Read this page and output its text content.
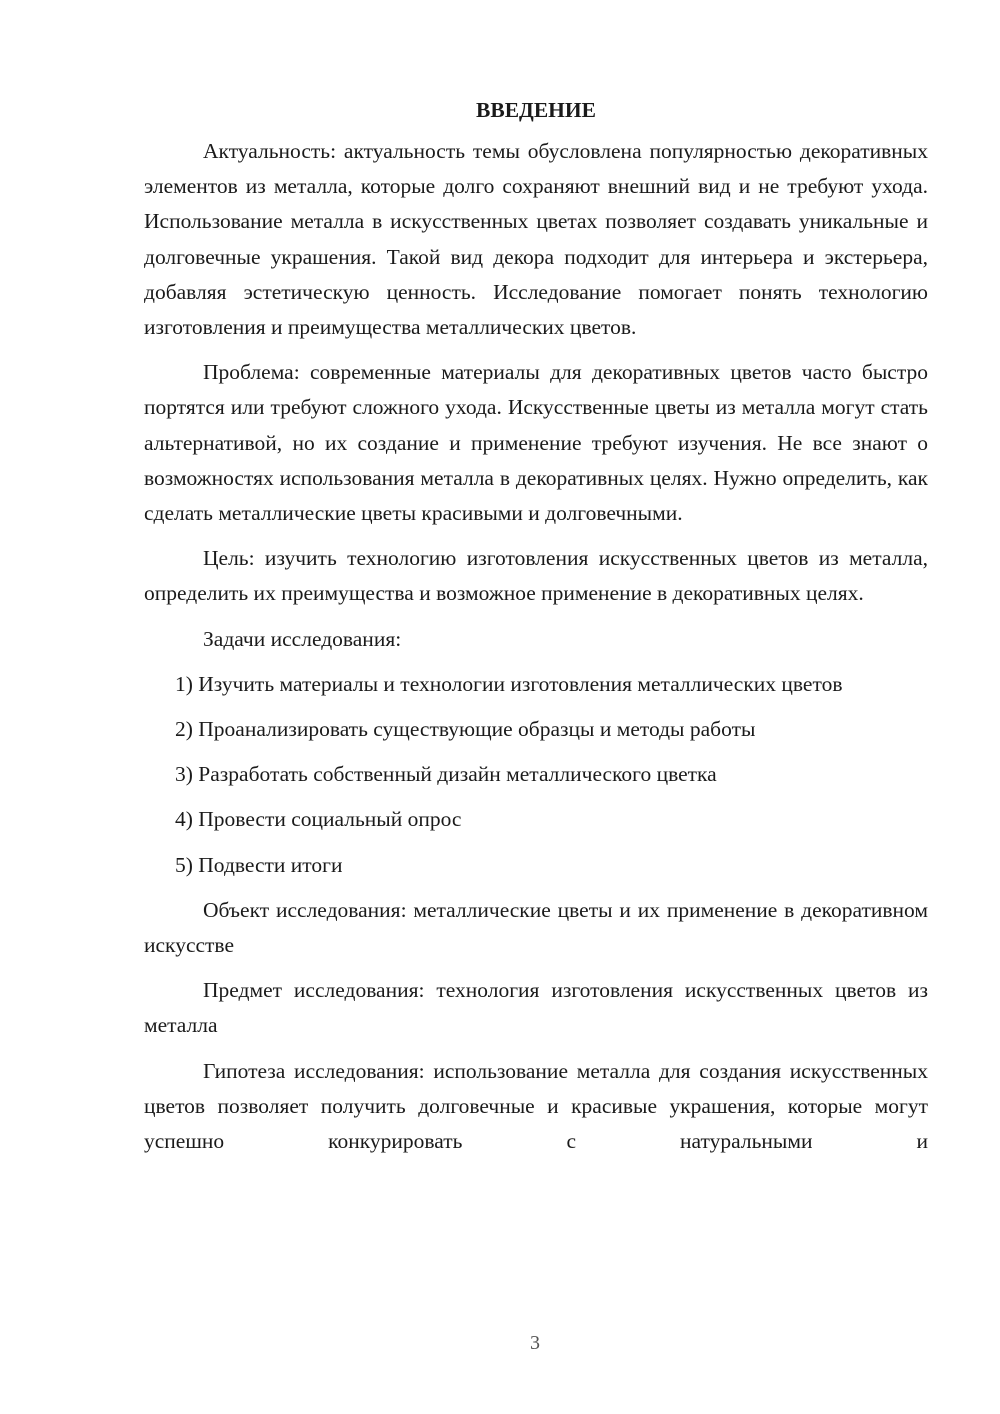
ВВЕДЕНИЕ

Актуальность: актуальность темы обусловлена популярностью декоративных элементов из металла, которые долго сохраняют внешний вид и не требуют ухода. Использование металла в искусственных цветах позволяет создавать уникальные и долговечные украшения. Такой вид декора подходит для интерьера и экстерьера, добавляя эстетическую ценность. Исследование помогает понять технологию изготовления и преимущества металлических цветов.

Проблема: современные материалы для декоративных цветов часто быстро портятся или требуют сложного ухода. Искусственные цветы из металла могут стать альтернативой, но их создание и применение требуют изучения. Не все знают о возможностях использования металла в декоративных целях. Нужно определить, как сделать металлические цветы красивыми и долговечными.

Цель: изучить технологию изготовления искусственных цветов из металла, определить их преимущества и возможное применение в декоративных целях.

Задачи исследования:

1) Изучить материалы и технологии изготовления металлических цветов

2) Проанализировать существующие образцы и методы работы

3) Разработать собственный дизайн металлического цветка

4) Провести социальный опрос

5) Подвести итоги

Объект исследования: металлические цветы и их применение в декоративном искусстве

Предмет исследования: технология изготовления искусственных цветов из металла

Гипотеза исследования: использование металла для создания искусственных цветов позволяет получить долговечные и красивые украшения, которые могут успешно конкурировать с натуральными и

3
